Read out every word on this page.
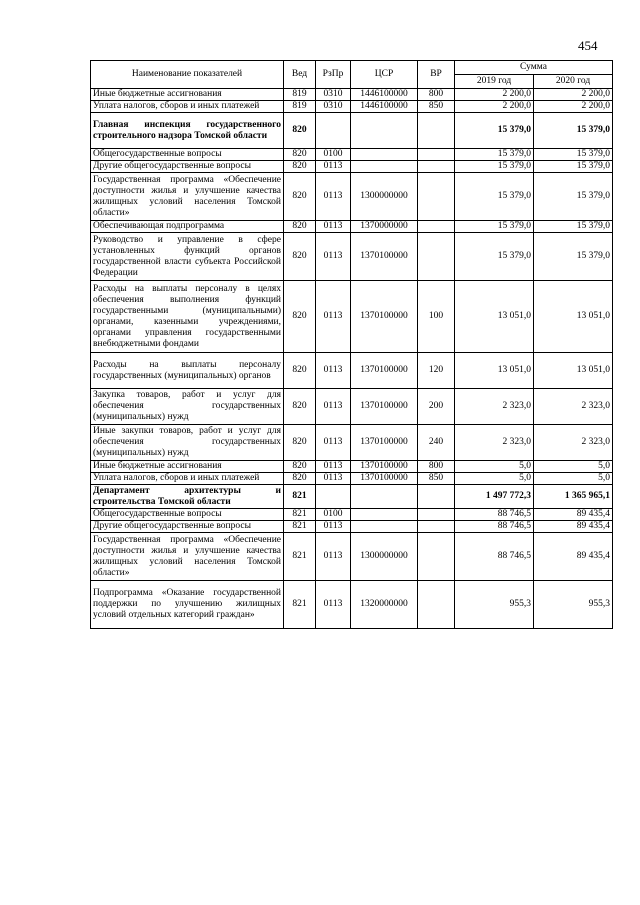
454
Наименование показателей	Вед	РзПр	ЦСР	ВР	Сумма	
					2019 год	2020 год
Иные бюджетные ассигнования	819	0310	1446100000	800	2 200,0	2 200,0
Уплата налогов, сборов и иных платежей	819	0310	1446100000	850	2 200,0	2 200,0
Главная инспекция государственного строительного надзора Томской области	820				15 379,0	15 379,0
Общегосударственные вопросы	820	0100			15 379,0	15 379,0
Другие общегосударственные вопросы	820	0113			15 379,0	15 379,0
Государственная программа «Обеспечение доступности жилья и улучшение качества жилищных условий населения Томской области»	820	0113	1300000000		15 379,0	15 379,0
Обеспечивающая подпрограмма	820	0113	1370000000		15 379,0	15 379,0
Руководство и управление в сфере установленных функций органов государственной власти субъекта Российской Федерации	820	0113	1370100000		15 379,0	15 379,0
Расходы на выплаты персоналу в целях обеспечения выполнения функций государственными (муниципальными) органами, казенными учреждениями, органами управления государственными внебюджетными фондами	820	0113	1370100000	100	13 051,0	13 051,0
Расходы на выплаты персоналу государственных (муниципальных) органов	820	0113	1370100000	120	13 051,0	13 051,0
Закупка товаров, работ и услуг для обеспечения государственных (муниципальных) нужд	820	0113	1370100000	200	2 323,0	2 323,0
Иные закупки товаров, работ и услуг для обеспечения государственных (муниципальных) нужд	820	0113	1370100000	240	2 323,0	2 323,0
Иные бюджетные ассигнования	820	0113	1370100000	800	5,0	5,0
Уплата налогов, сборов и иных платежей	820	0113	1370100000	850	5,0	5,0
Департамент архитектуры и строительства Томской области	821				1 497 772,3	1 365 965,1
Общегосударственные вопросы	821	0100			88 746,5	89 435,4
Другие общегосударственные вопросы	821	0113			88 746,5	89 435,4
Государственная программа «Обеспечение доступности жилья и улучшение качества жилищных условий населения Томской области»	821	0113	1300000000		88 746,5	89 435,4
Подпрограмма «Оказание государственной поддержки по улучшению жилищных условий отдельных категорий граждан»	821	0113	1320000000		955,3	955,3
